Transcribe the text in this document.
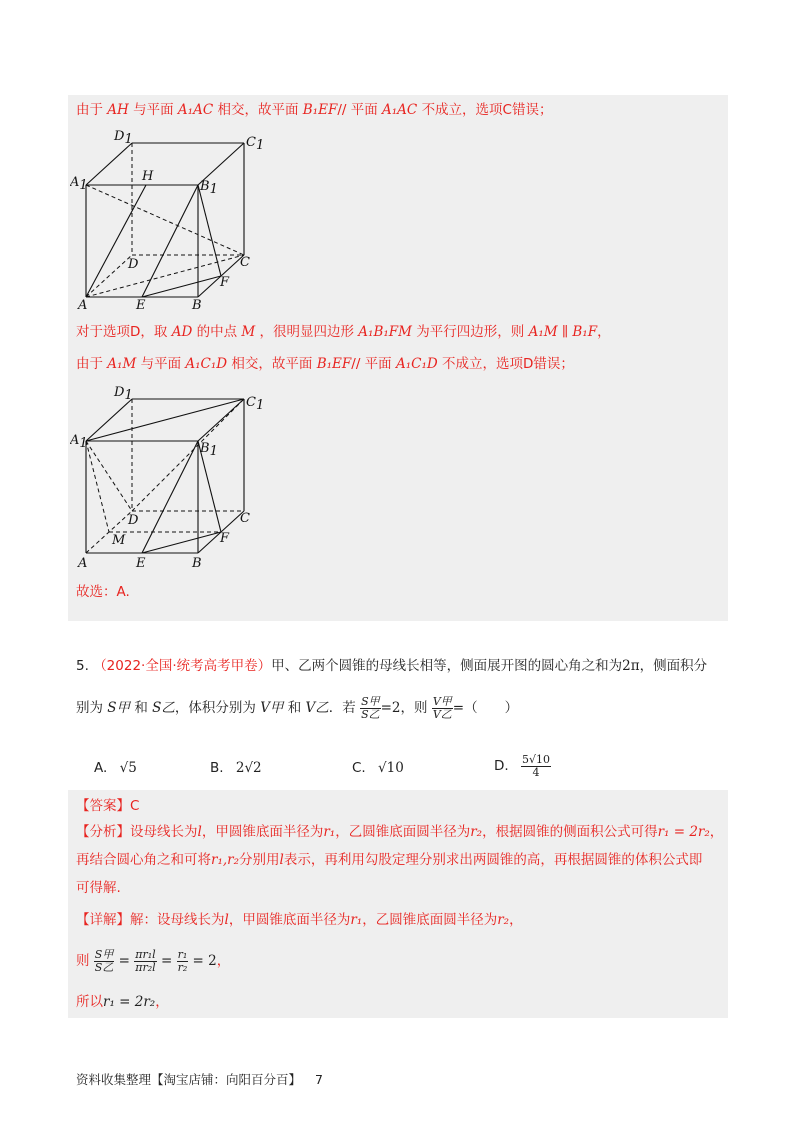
由于 AH 与平面 A₁AC 相交，故平面 B₁EF// 平面 A₁AC 不成立，选项C错误；
D1	C1
A1
H
B1
D	C
F
A	E	B
对于选项D，取 AD 的中点 M ，很明显四边形 A₁B₁FM 为平行四边形，则 A₁M ∥ B₁F，
由于 A₁M 与平面 A₁C₁D 相交，故平面 B₁EF// 平面 A₁C₁D 不成立，选项D错误；
D1	C1
A1	B1
D	C
M	F
A	E	B
故选：A.
5. （2022·全国·统考高考甲卷）甲、乙两个圆锥的母线长相等，侧面展开图的圆心角之和为2π，侧面积分
别为 S甲 和 S乙，体积分别为 V甲 和 V乙．若 $\frac{\text{S甲}}{\text{S乙}} =2$，则 $\frac{\text{V甲}}{\text{V乙}}$ =（　　）
A. √5	B. 2√2	C. √10	D. $\frac{5√10}{4}$
【答案】C
【分析】设母线长为l，甲圆锥底面半径为r₁，乙圆锥底面圆半径为r₂，根据圆锥的侧面积公式可得r₁ = 2r₂，
再结合圆心角之和可将r₁,r₂分别用l表示，再利用勾股定理分别求出两圆锥的高，再根据圆锥的体积公式即
可得解.
【详解】解：设母线长为l，甲圆锥底面半径为r₁，乙圆锥底面圆半径为r₂，
则 $\frac{\text{S甲}}{\text{S乙}} = \frac{\text{πr₁l}}{\text{πr₂l}} = \frac{\text{r₁}}{\text{r₂}} = 2$，
所以r₁ = 2r₂，
资料收集整理【淘宝店铺：向阳百分百】 7
